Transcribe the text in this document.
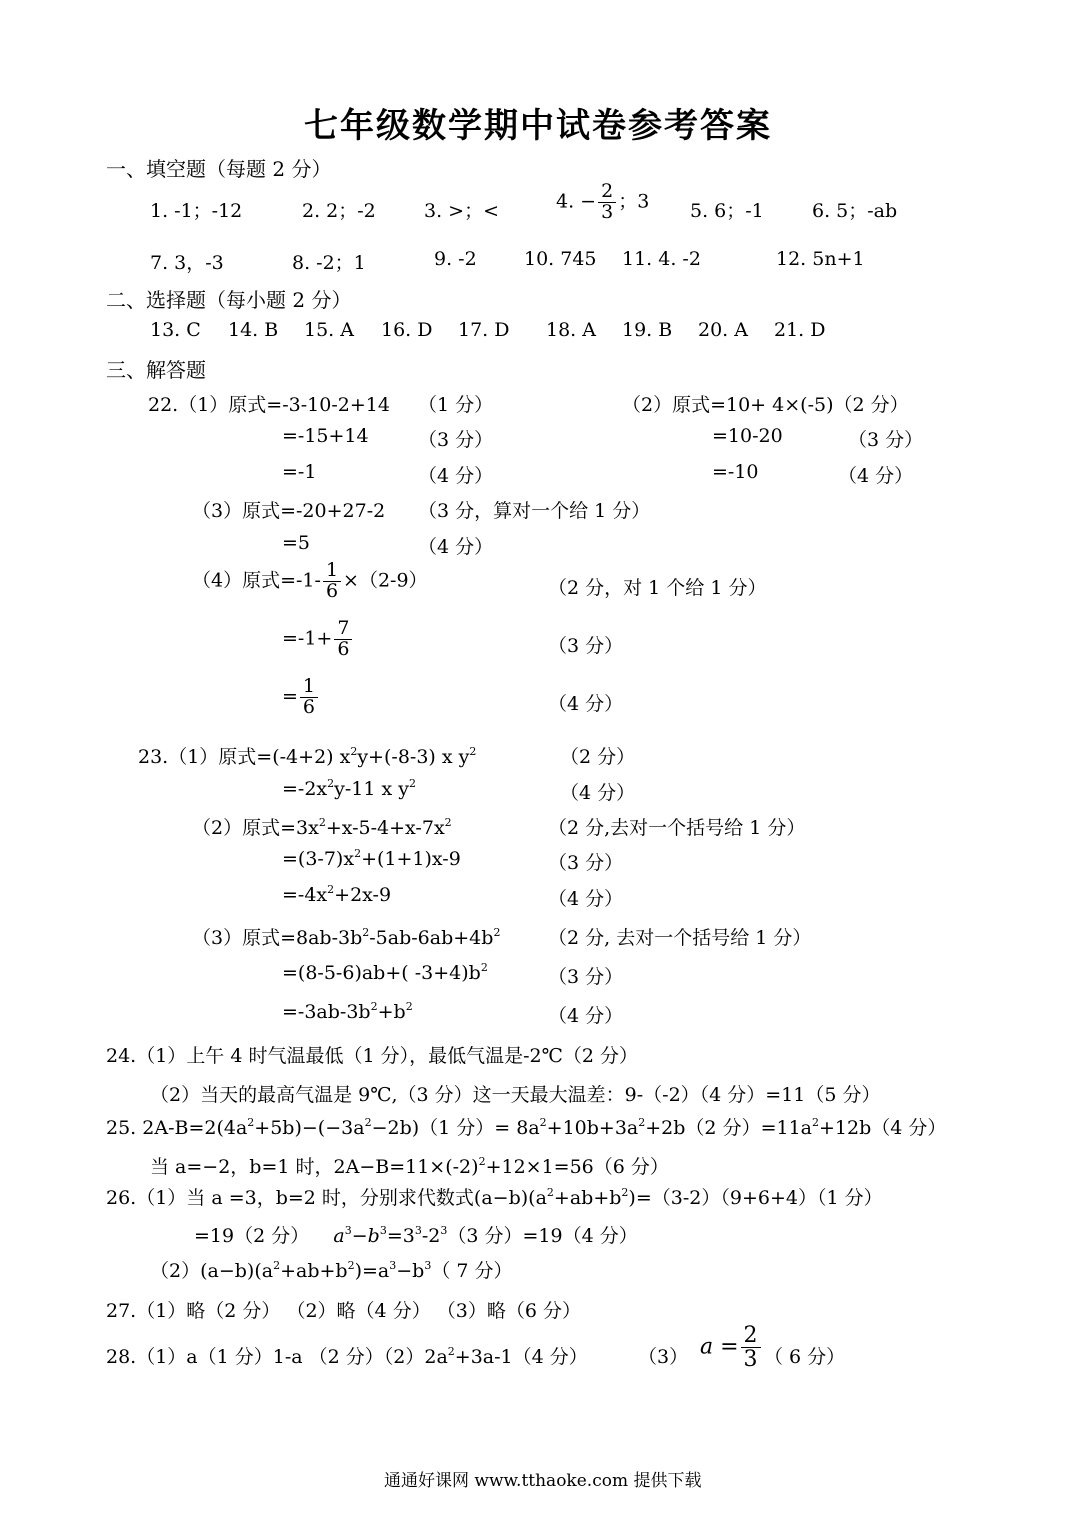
七年级数学期中试卷参考答案
一、填空题（每题 2 分）
1. -1；-12	2. 2；-2	3. >；<	4. − $\frac{2}{3}$ ；3 5. 6；-1	6. 5；-ab
7. 3，-3	8. -2；1	9. -2 10. 745 11. 4. -2	12. 5n+1
二、选择题（每小题 2 分）
13. C 14. B 15. A 16. D 17. D 18. A 19. B 20. A 21. D
三、解答题
22.（1）原式=-3-10-2+14 （1 分）
=-15+14	（3 分）
=-1	（4 分）
（2）原式=10+ 4×(-5)（2 分）
=10-20	（3 分）
=-10	（4 分）
（3）原式=-20+27-2 （3 分，算对一个给 1 分）
=5	（4 分）
（4）原式$=-1- \frac{1}{6} \times(2-9)$	（2 分，对 1 个给 1 分）
$=-1+ \frac{7}{6}$	（3 分）
= $\frac{1}{6}$	（4 分）
23.（1）原式=(-4+2) $x^2y+(-8-3)$ x $y^2$	（2 分）
$=-2x^2y-11$ x $y^2$	（4 分）
（2）原式$=3x^2+x-5-4+x-7x^2$	（2 分,去对一个括号给 1 分）
$=(3-7)x^2+(1+1)x-9$	（3 分）
$=-4x^2+2x-9$	（4 分）
（3）原式$=8ab-3b^2-5ab-6ab+4b^2$	（2 分, 去对一个括号给 1 分）
=(8-5-6)ab+( $-3+4)b^2$	（3 分）
$=-3ab-3b^2+b^2$	（4 分）
24.（1）上午 4 时气温最低（1 分），最低气温是-2℃（2 分）
（2）当天的最高气温是 9℃,（3 分）这一天最大温差：9-（-2）（4 分）=11（5 分）
25. $2A-B=2(4a^2+5b)-(-3a^2-2b)(1$ 分）= $8a^2+10b+3a^2+2b(2$ 分）$=11a^2+12b(4$ 分）
当 a=−2，b=1 时，$2A-B=11\times(-2)^2+12\times 1=56(6$ 分）
26.（1）当 a =3，b=2 时，分别求代数式$(a-b)(a^2+ab+b^2)=(3-2)(9+6+4)(1$ 分）
=19（2 分） $a^3-b^3=3^3-2^3(3$ 分）=19（4 分）
$(2)(a-b)(a^2+ab+b^2)=a^3-b^3$（ 7 分）
27.（1）略（2 分） （2）略（4 分） （3）略（6 分）
28.（1）a（1 分）1-a （2 分）$(2)2a^2+3a-1(4$ 分）	（3） $a = \frac{2}{3}$ （ 6 分）
通通好课网 www.tthaoke.com 提供下载
